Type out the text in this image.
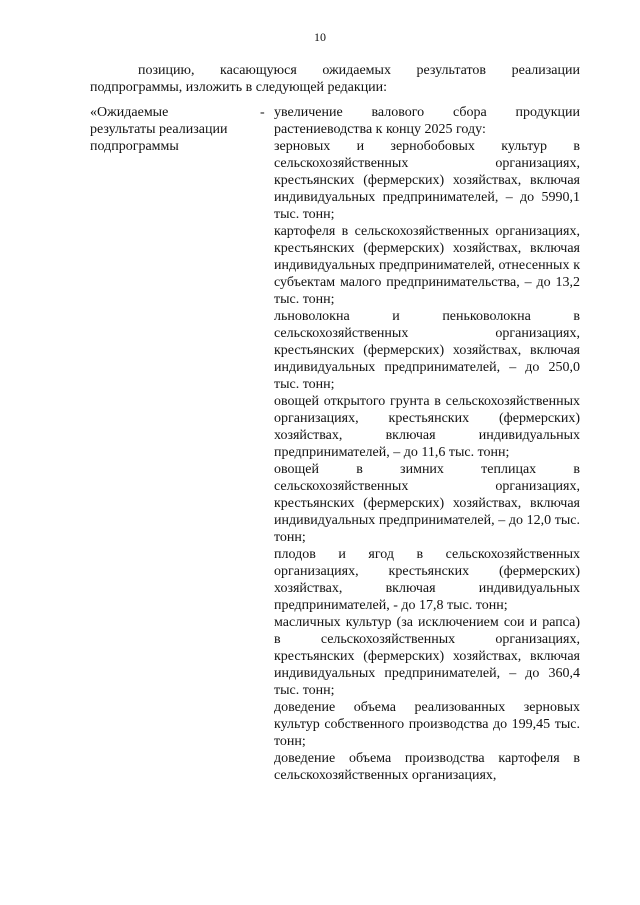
10

позицию, касающуюся ожидаемых результатов реализации

подпрограммы, изложить в следующей редакции:

«Ожидаемые
результаты реализации
подпрограммы
- увеличение валового сбора продукции растениеводства к концу 2025 году:

зерновых и зернобобовых культур в сельскохозяйственных организациях, крестьянских (фермерских) хозяйствах, включая индивидуальных предпринимателей, – до 5990,1 тыс. тонн;

картофеля в сельскохозяйственных организациях, крестьянских (фермерских) хозяйствах, включая индивидуальных предпринимателей, отнесенных к субъектам малого предпринимательства, – до 13,2 тыс. тонн;

льноволокна и пеньковолокна в сельскохозяйственных организациях, крестьянских (фермерских) хозяйствах, включая индивидуальных предпринимателей, – до 250,0 тыс. тонн;

овощей открытого грунта в сельскохозяйственных организациях, крестьянских (фермерских) хозяйствах, включая индивидуальных предпринимателей, – до 11,6 тыс. тонн;

овощей в зимних теплицах в сельскохозяйственных организациях, крестьянских (фермерских) хозяйствах, включая индивидуальных предпринимателей, – до 12,0 тыс. тонн;

плодов и ягод в сельскохозяйственных организациях, крестьянских (фермерских) хозяйствах, включая индивидуальных предпринимателей, - до 17,8 тыс. тонн;

масличных культур (за исключением сои и рапса) в сельскохозяйственных организациях, крестьянских (фермерских) хозяйствах, включая индивидуальных предпринимателей, – до 360,4 тыс. тонн;

доведение объема реализованных зерновых культур собственного производства до 199,45 тыс. тонн;

доведение объема производства картофеля в сельскохозяйственных организациях,
